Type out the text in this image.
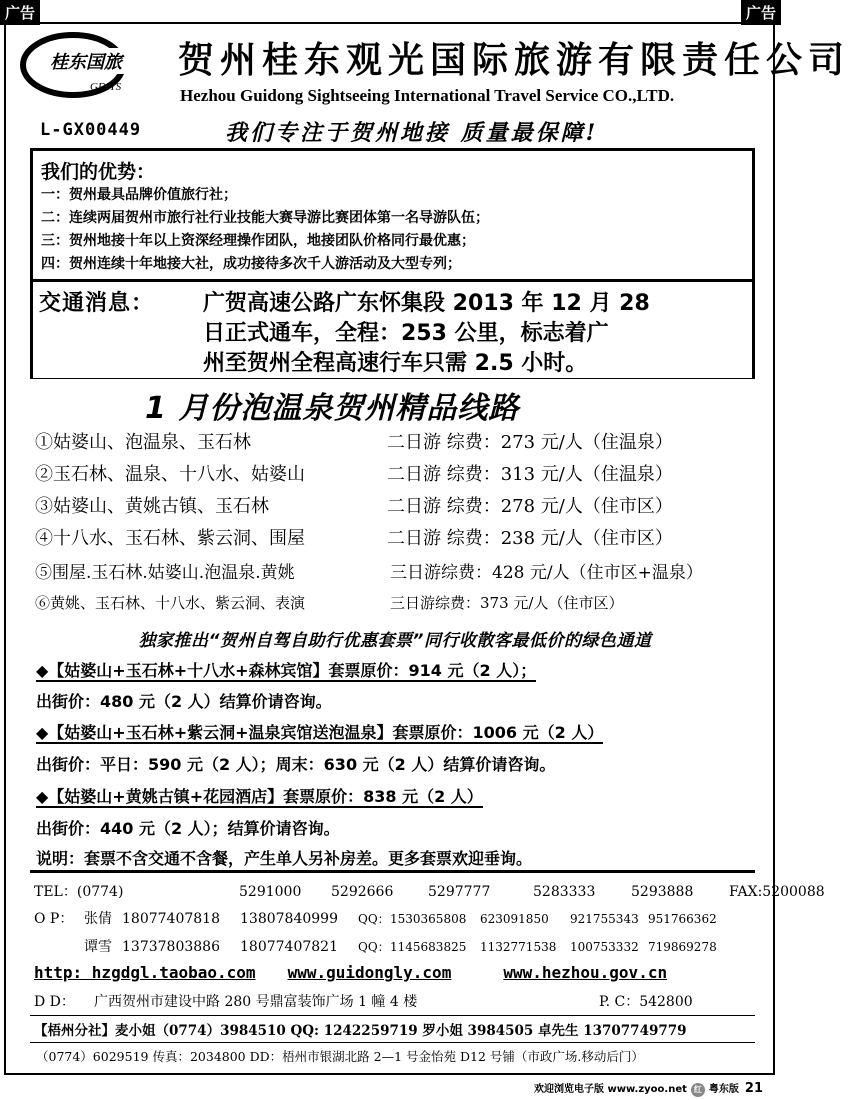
广告	广告
桂东国旅
GDITS
贺州桂东观光国际旅游有限责任公司
Hezhou Guidong Sightseeing International Travel Service CO.,LTD.
L-GX00449	我们专注于贺州地接 质量最保障!
我们的优势：
一：贺州最具品牌价值旅行社；
二：连续两届贺州市旅行社行业技能大赛导游比赛团体第一名导游队伍；
三：贺州地接十年以上资深经理操作团队，地接团队价格同行最优惠；
四：贺州连续十年地接大社，成功接待多次千人游活动及大型专列；
交通消息： 广贺高速公路广东怀集段 2013 年 12 月 28
日正式通车，全程：253 公里，标志着广
州至贺州全程高速行车只需 2.5 小时。
1 月份泡温泉贺州精品线路
①姑婆山、泡温泉、玉石林	二日游 综费：273 元/人（住温泉）
②玉石林、温泉、十八水、姑婆山	二日游 综费：313 元/人（住温泉）
③姑婆山、黄姚古镇、玉石林	二日游 综费：278 元/人（住市区）
④十八水、玉石林、紫云洞、围屋	二日游 综费：238 元/人（住市区）
⑤围屋.玉石林.姑婆山.泡温泉.黄姚	三日游综费：428 元/人（住市区+温泉）
⑥黄姚、玉石林、十八水、紫云洞、表演	三日游综费：373 元/人（住市区）
独家推出“贺州自驾自助行优惠套票”同行收散客最低价的绿色通道
◆【姑婆山+玉石林+十八水+森林宾馆】套票原价：914 元（2 人）；
出街价：480 元（2 人）结算价请咨询。
◆【姑婆山+玉石林+紫云洞+温泉宾馆送泡温泉】套票原价：1006 元（2 人）
出街价：平日：590 元（2 人）；周末：630 元（2 人）结算价请咨询。
◆【姑婆山+黄姚古镇+花园酒店】套票原价：838 元（2 人）
出街价：440 元（2 人）；结算价请咨询。
说明：套票不含交通不含餐，产生单人另补房差。更多套票欢迎垂询。
TEL：(0774)	5291000 5292666 5297777	5283333	5293888	FAX:5200088
O P： 张倩 18077407818 13807840999 QQ：1530365808 623091850 921755343 951766362
谭雪 13737803886 18077407821 QQ：1145683825 1132771538 100753332 719869278
http: hzgdgl.taobao.com www.guidongly.com	www.hezhou.gov.cn
D D： 广西贺州市建设中路 280 号鼎富装饰广场 1 幢 4 楼	P. C：542800
【梧州分社】麦小姐（0774）3984510 QQ: 1242259719 罗小姐 3984505 卓先生 13707749779
（0774）6029519 传真：2034800 DD：梧州市银湖北路 2—1 号金怡苑 D12 号铺（市政广场.移动后门）
欢迎浏览电子版 www.zyoo.net 红 粤东版 21
